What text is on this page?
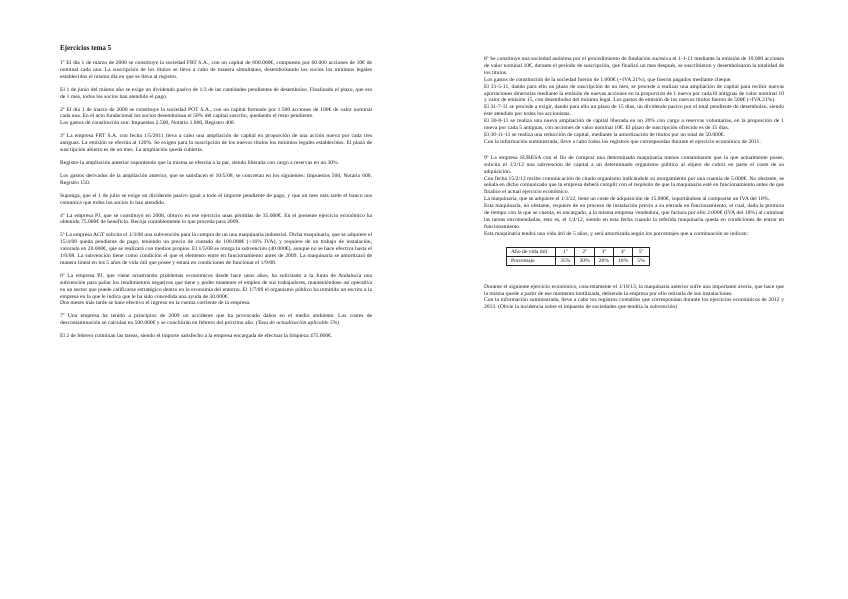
Ejercicios tema 5
1º El día 1 de marzo de 2008 se constituye la sociedad FRT S.A., con un capital de 600.000€, compuesto por 60.000 acciones de 10€ de nominal cada una. La suscripción de los títulos se lleva a cabo de manera simultánea, desembolsando los socios los mínimos legales establecidos el mismo día en que se lleva al registro.
El 1 de junio del mismo año se exige un dividendo pasivo de 1/3 de las cantidades pendientes de desembolso. Finalizado el plazo, que era de 1 mes, todos los socios han atendido el pago.
2º El día 1 de marzo de 2008 se constituye la sociedad POT S.A., con un capital formado por 1.500 acciones de 100€ de valor nominal cada una. En el acto fundacional los socios desembolsan el 50% del capital suscrito, quedando el resto pendiente.
Los gastos de constitución son: Impuestos 2.500, Notario 1.000, Registro 400.
3º La empresa FRT S.A. con fecha 1/5/2011 lleva a cabo una ampliación de capital en proporción de una acción nueva por cada tres antiguas. La emisión se efectúa al 120%. Se exigen para la suscripción de los nuevos títulos los mínimos legales establecidos. El plazo de suscripción abierto es de un mes. La ampliación queda cubierta.
Registre la ampliación anterior suponiendo que la misma se efectúa a la par, siendo liberada con cargo a reservas en un 30%.
Los gastos derivados de la ampliación anterior, que se satisfacen el 10/5/08, se concretan en los siguientes: Impuestos 500, Notario 600, Registro 150.
Suponga, que el 1 de julio se exige un dividendo pasivo igual a todo el importe pendiente de pago, y que un mes más tarde el banco nos comunica que todos los socios lo han atendido.
4º La empresa PJ, que se constituyó en 2008, obtuvo en ese ejercicio unas pérdidas de 35.000€. En el presente ejercicio económico ha obtenido 75.000€ de beneficio. Recoja contablemente lo que proceda para 2009.
5º La empresa AGT solicita el 1/3/08 una subvención para la compra de un una maquinaria industrial. Dicha maquinaria, que se adquiere el 15/4/08 queda pendiente de pago, teniendo un precio de contado de 100.000€ (+16% IVA), y requiere de un trabajo de instalación, valorado en 20.000€, que se realizará con medios propios. El 1/5/08 se otorga la subvención (40.000€), aunque no se hace efectiva hasta el 1/6/08. La subvención tiene como condición el que el elemento entre en funcionamiento antes de 2009. La maquinaria se amortizará de manera lineal en los 5 años de vida útil que posee y estará en condiciones de funcionar el 1/9/08.
6º La empresa PJ, que viene arrastrando problemas económicos desde hace unos años, ha solicitado a la Junta de Andalucía una subvención para paliar los rendimientos negativos que tiene y poder mantener el empleo de sus trabajadores, manteniéndose así operativa en un sector que puede calificarse estratégico dentro en la economía del entorno. El 1/7/09 el organismo público ha remitido un escrito a la empresa en la que le indica que le ha sido concedida una ayuda de 30.000€.
Dos meses más tarde se hace efectivo el ingreso en la cuenta corriente de la empresa.
7º Una empresa ha tenido a principios de 2009 un accidente que ha provocado daños en el medio ambiente. Los costes de descontaminación se calculan en 500.000€ y se concluirán en febrero del próximo año. (Tasa de actualización aplicable 5%)
El 2 de febrero culminan las tareas, siendo el importe satisfecho a la empresa encargada de efectuar la limpieza 475.000€.
8º Se constituye una sociedad anónima por el procedimiento de fundación sucesiva el 1-1-11 mediante la emisión de 10.000 acciones de valor nominal 10€, durante el período de suscripción, que finalizó un mes después, se suscribieron y desembolsaron la totalidad de los títulos.
Los gastos de constitución de la sociedad fueron de 1.000€ (+IVA 21%), que fueron pagados mediante cheque.
El 31-5-11, dando para ello un plazo de suscripción de un mes, se procede a realizar una ampliación de capital para recibir nuevas aportaciones dinerarias mediante la emisión de nuevas acciones en la proporción de 1 nueva por cada10 antiguas de valor nominal 10 y valor de emisión 15, con desembolso del mínimo legal. Los gastos de emisión de los nuevos títulos fueron de 500€ (+IVA 21%).
El 31-7-11 se procede a exigir, dando para ello un plazo de 15 días, un dividendo pasivo por el total pendiente de desembolso, siendo éste atendido por todos los accionistas.
El 30-8-11 se realiza una nueva ampliación de capital liberada en un 20% con cargo a reservas voluntarias, en la proporción de 1 nueva por cada 5 antiguas, con acciones de valor nominal 10€. El plazo de suscripción ofrecido es de 15 días.
El 30-11-11 se realiza una reducción de capital, mediante la amortización de títulos por un total de 50.000€.
Con la información suministrada, lleve a cabo todos los registros que correspondan durante el ejercicio económico de 2011.
9º La empresa SUBESA con el fin de comprar una determinada maquinaria menos contaminante que la que actualmente posee, solicita el 1/2/12 una subvención de capital a un determinado organismo público al objeto de cubrir en parte el coste de su adquisición.
Con fecha 15/2/12 recibe comunicación de citado organismo indicándole su otorgamiento por una cuantía de 5.000€. No obstante, se señala en dicho comunicado que la empresa deberá cumplir con el requisito de que la maquinaria esté en funcionamiento antes de que finalice el actual ejercicio económico.
La maquinaria, que se adquiere el 1/3/12, tiene un coste de adquisición de 15.000€, soportándose al comprarse un IVA del 18%.
Esta maquinaria, no obstante, requiere de un proceso de instalación previo a su entrada en funcionamiento, el cual, dada la premura de tiempo con la que se cuenta, es encargado, a la misma empresa vendedora, que factura por ello 2.000€ (IVA del 18%) al culminar las tareas encomendadas, esto es, el 1/4/12, siendo en esta fecha cuando la referida maquinaria queda en condiciones de entrar en funcionamiento.
Esta maquinaria tendrá una vida útil de 5 años, y será amortizada según los porcentajes que a continuación se indican:
Año de vida útil	1º	2º	3º	4º	5º
Porcentaje	35%	30%	20%	10%	5%
Durante el siguiente ejercicio económico, concretamente el 1/10/13, la maquinaria anterior sufre una importante avería, que hace que la misma quede a partir de ese momento inutilizada, debiendo la empresa por ello retirarla de sus instalaciones.
Con la información suministrada, lleve a cabo los registros contables que correspondan durante los ejercicios económicos de 2012 y 2013. (Obvie la incidencia sobre el impuesto de sociedades que tendría la subvención)
